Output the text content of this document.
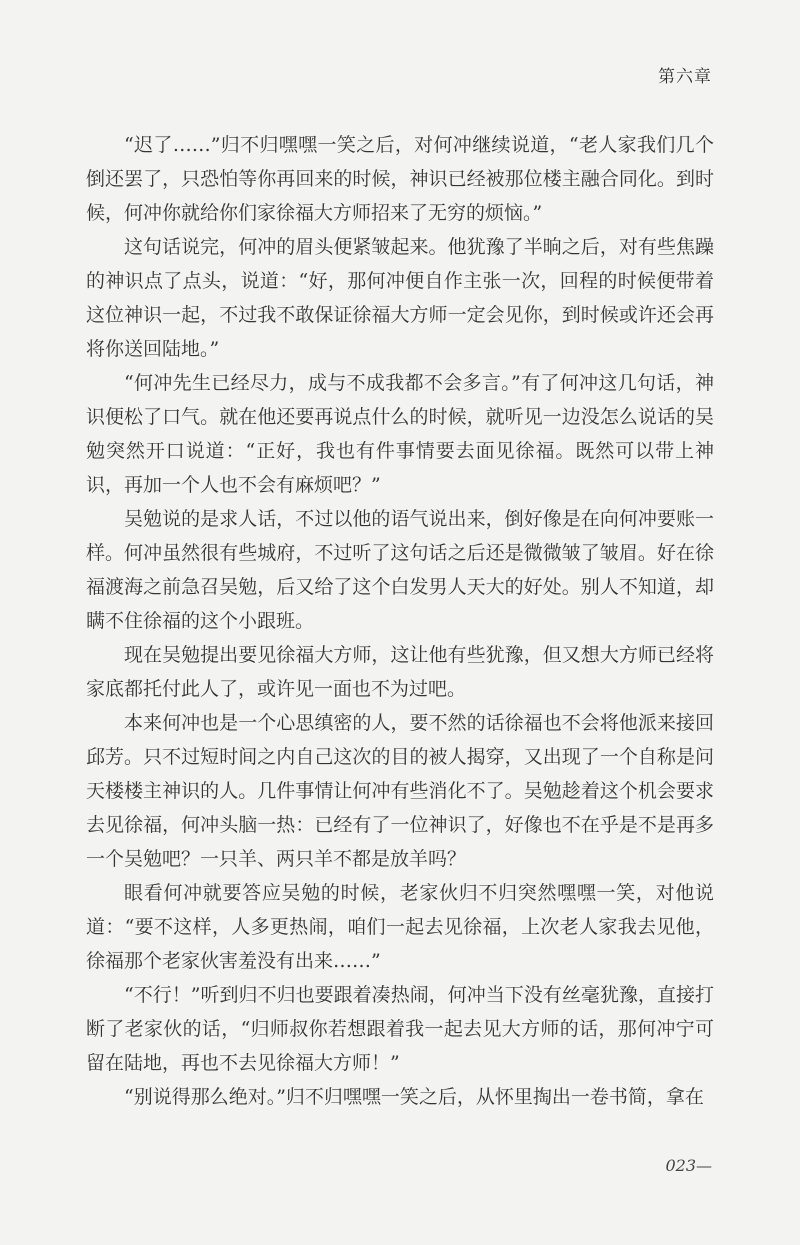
第六章

“迟了……”归不归嘿嘿一笑之后，对何冲继续说道，“老人家我们几个倒还罢了，只恐怕等你再回来的时候，神识已经被那位楼主融合同化。到时候，何冲你就给你们家徐福大方师招来了无穷的烦恼。”

这句话说完，何冲的眉头便紧皱起来。他犹豫了半晌之后，对有些焦躁的神识点了点头，说道：“好，那何冲便自作主张一次，回程的时候便带着这位神识一起，不过我不敢保证徐福大方师一定会见你，到时候或许还会再将你送回陆地。”

“何冲先生已经尽力，成与不成我都不会多言。”有了何冲这几句话，神识便松了口气。就在他还要再说点什么的时候，就听见一边没怎么说话的吴勉突然开口说道：“正好，我也有件事情要去面见徐福。既然可以带上神识，再加一个人也不会有麻烦吧？”

吴勉说的是求人话，不过以他的语气说出来，倒好像是在向何冲要账一样。何冲虽然很有些城府，不过听了这句话之后还是微微皱了皱眉。好在徐福渡海之前急召吴勉，后又给了这个白发男人天大的好处。别人不知道，却瞒不住徐福的这个小跟班。

现在吴勉提出要见徐福大方师，这让他有些犹豫，但又想大方师已经将家底都托付此人了，或许见一面也不为过吧。

本来何冲也是一个心思缜密的人，要不然的话徐福也不会将他派来接回邱芳。只不过短时间之内自己这次的目的被人揭穿，又出现了一个自称是问天楼楼主神识的人。几件事情让何冲有些消化不了。吴勉趁着这个机会要求去见徐福，何冲头脑一热：已经有了一位神识了，好像也不在乎是不是再多一个吴勉吧？一只羊、两只羊不都是放羊吗？

眼看何冲就要答应吴勉的时候，老家伙归不归突然嘿嘿一笑，对他说道：“要不这样，人多更热闹，咱们一起去见徐福，上次老人家我去见他，徐福那个老家伙害羞没有出来……”

“不行！”听到归不归也要跟着凑热闹，何冲当下没有丝毫犹豫，直接打断了老家伙的话，“归师叔你若想跟着我一起去见大方师的话，那何冲宁可留在陆地，再也不去见徐福大方师！”

“别说得那么绝对。”归不归嘿嘿一笑之后，从怀里掏出一卷书简，拿在

023—
